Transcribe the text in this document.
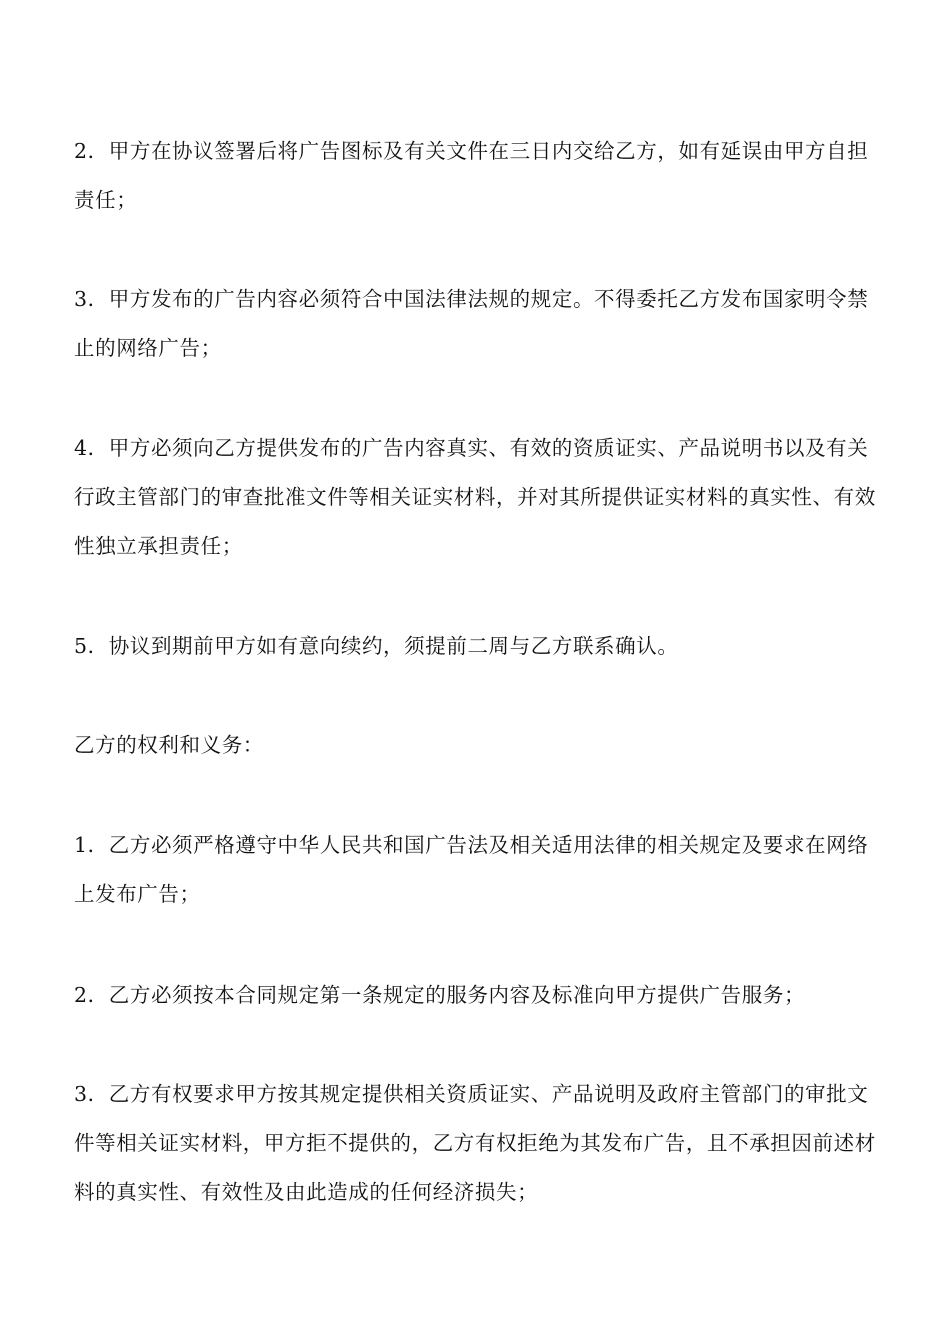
2．甲方在协议签署后将广告图标及有关文件在三日内交给乙方，如有延误由甲方自担责任；

3．甲方发布的广告内容必须符合中国法律法规的规定。不得委托乙方发布国家明令禁止的网络广告；

4．甲方必须向乙方提供发布的广告内容真实、有效的资质证实、产品说明书以及有关行政主管部门的审查批准文件等相关证实材料，并对其所提供证实材料的真实性、有效性独立承担责任；

5．协议到期前甲方如有意向续约，须提前二周与乙方联系确认。

乙方的权利和义务：

1．乙方必须严格遵守中华人民共和国广告法及相关适用法律的相关规定及要求在网络上发布广告；

2．乙方必须按本合同规定第一条规定的服务内容及标准向甲方提供广告服务；

3．乙方有权要求甲方按其规定提供相关资质证实、产品说明及政府主管部门的审批文件等相关证实材料，甲方拒不提供的，乙方有权拒绝为其发布广告，且不承担因前述材料的真实性、有效性及由此造成的任何经济损失；
